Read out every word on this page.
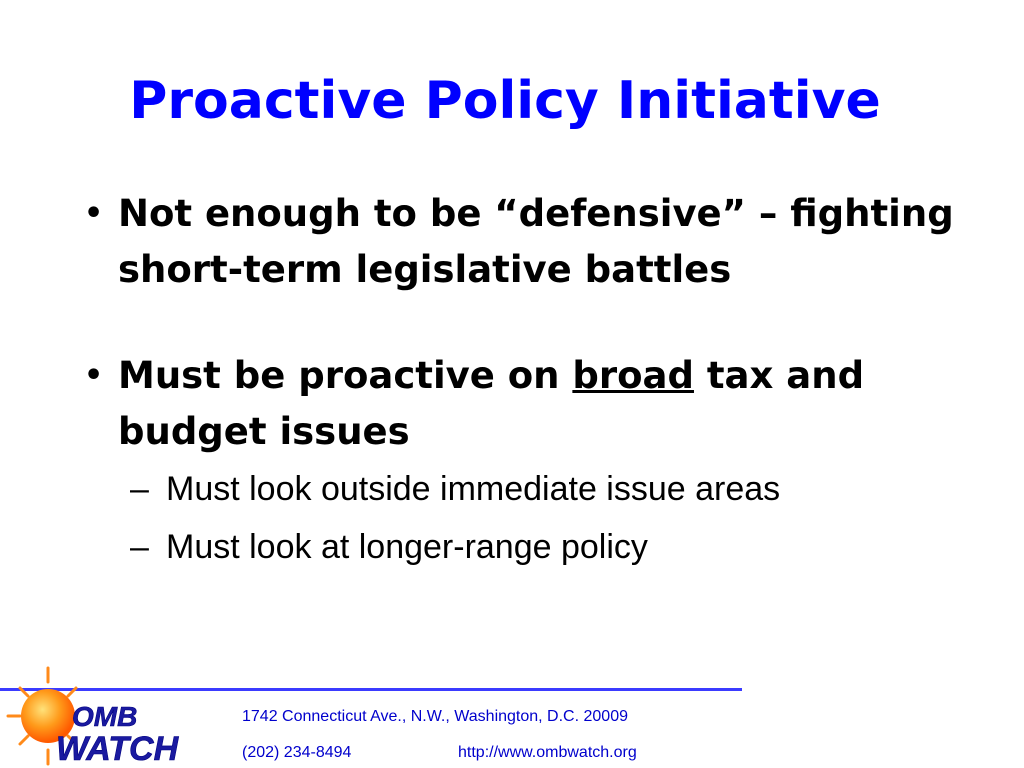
Proactive Policy Initiative
• Not enough to be “defensive” – fighting short-term legislative battles
• Must be proactive on broad tax and budget issues
– Must look outside immediate issue areas
– Must look at longer-range policy
OMB
WATCH
1742 Connecticut Ave., N.W., Washington, D.C. 20009
(202) 234-8494	http://www.ombwatch.org
